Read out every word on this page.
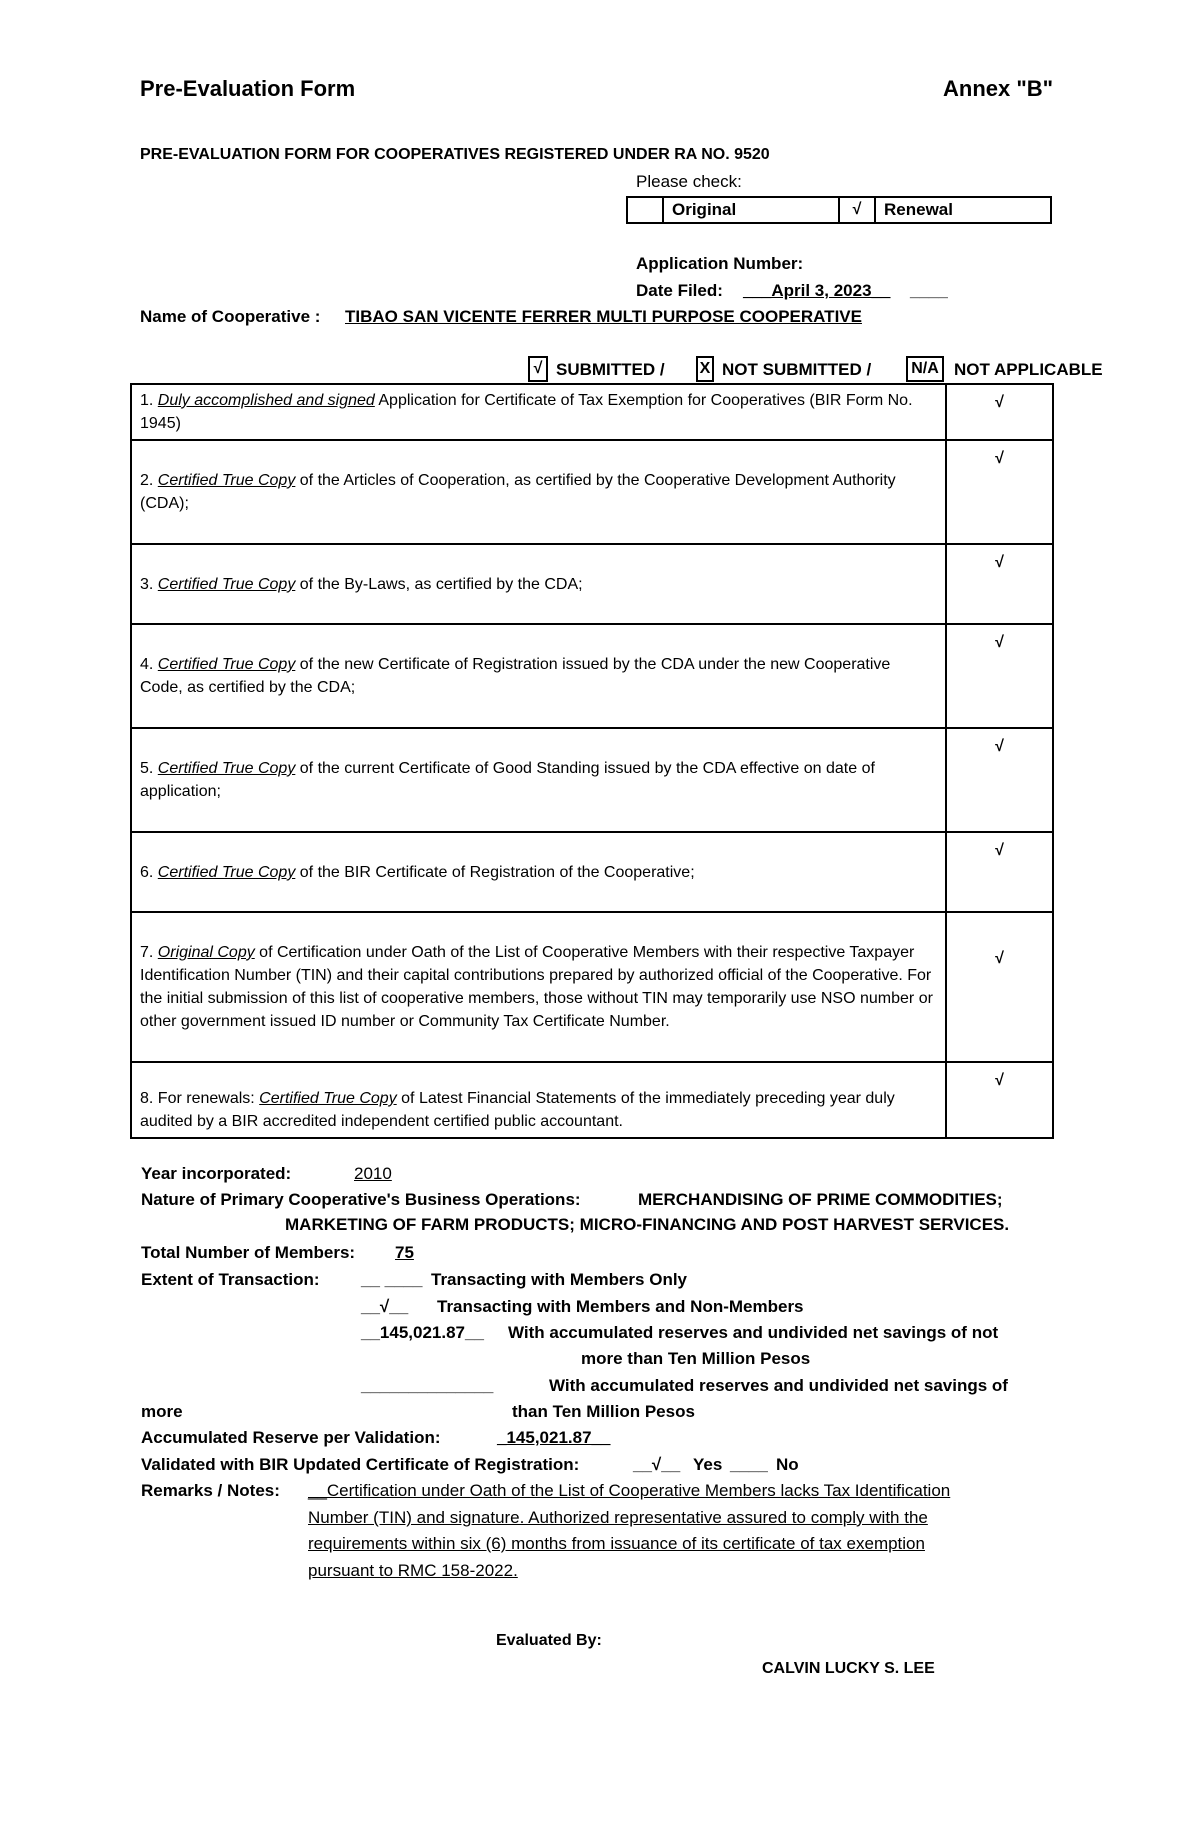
Pre-Evaluation Form	Annex "B"
PRE-EVALUATION FORM FOR COOPERATIVES REGISTERED UNDER RA NO. 9520
Please check:
Original	√	Renewal
Application Number:
Date Filed: ___April 3, 2023__ ____
Name of Cooperative : TIBAO SAN VICENTE FERRER MULTI PURPOSE COOPERATIVE
√ SUBMITTED / X NOT SUBMITTED /	N/A NOT APPLICABLE
1. Duly accomplished and signed Application for Certificate of Tax Exemption for Cooperatives (BIR Form No. 1945)	√
2. Certified True Copy of the Articles of Cooperation, as certified by the Cooperative Development Authority (CDA);	√
3. Certified True Copy of the By-Laws, as certified by the CDA;	√
4. Certified True Copy of the new Certificate of Registration issued by the CDA under the new Cooperative Code, as certified by the CDA;	√
5. Certified True Copy of the current Certificate of Good Standing issued by the CDA effective on date of application;	√
6. Certified True Copy of the BIR Certificate of Registration of the Cooperative;	√
7. Original Copy of Certification under Oath of the List of Cooperative Members with their respective Taxpayer Identification Number (TIN) and their capital contributions prepared by authorized official of the Cooperative. For the initial submission of this list of cooperative members, those without TIN may temporarily use NSO number or other government issued ID number or Community Tax Certificate Number.	√
8. For renewals: Certified True Copy of Latest Financial Statements of the immediately preceding year duly audited by a BIR accredited independent certified public accountant.	√
Year incorporated:	2010
Nature of Primary Cooperative's Business Operations:	MERCHANDISING OF PRIME COMMODITIES;
MARKETING OF FARM PRODUCTS; MICRO-FINANCING AND POST HARVEST SERVICES.
Total Number of Members: 75
Extent of Transaction: __ ____ Transacting with Members Only
__√__ Transacting with Members and Non-Members
__145,021.87__ With accumulated reserves and undivided net savings of not
more than Ten Million Pesos
______________	With accumulated reserves and undivided net savings of
more	than Ten Million Pesos
Accumulated Reserve per Validation:	_145,021.87__
Validated with BIR Updated Certificate of Registration:	__√__ Yes ____ No
Remarks / Notes: __Certification under Oath of the List of Cooperative Members lacks Tax Identification
Number (TIN) and signature. Authorized representative assured to comply with the
requirements within six (6) months from issuance of its certificate of tax exemption
pursuant to RMC 158-2022.
Evaluated By:
CALVIN LUCKY S. LEE
